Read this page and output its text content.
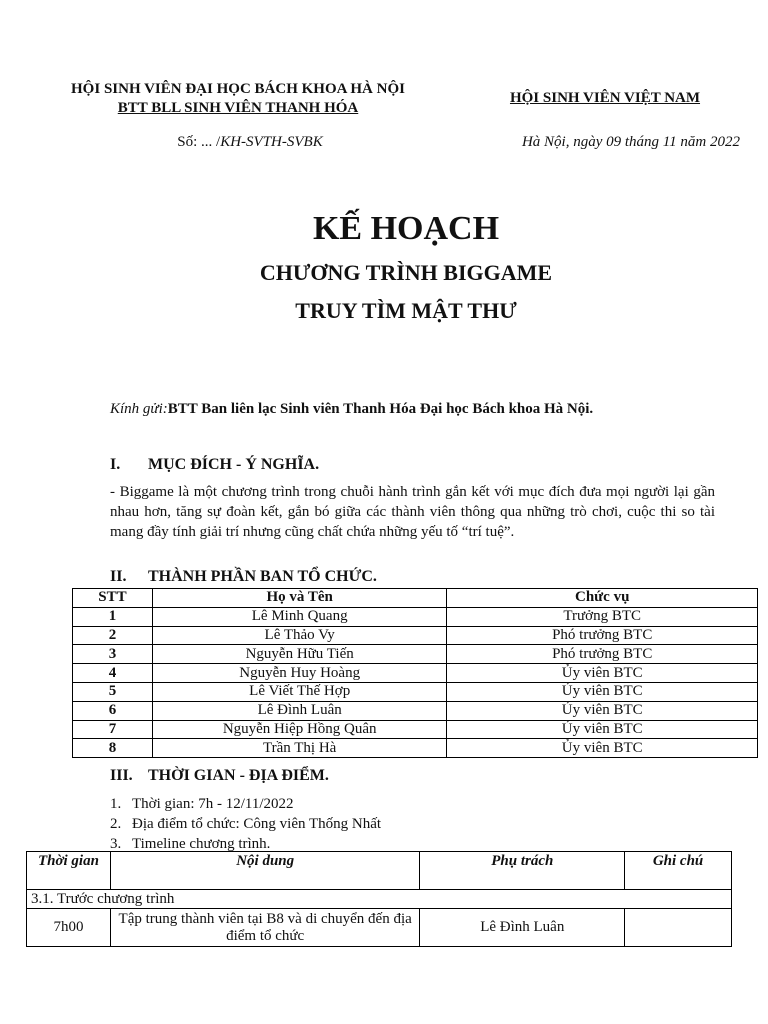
HỘI SINH VIÊN ĐẠI HỌC BÁCH KHOA HÀ NỘI
BTT BLL SINH VIÊN THANH HÓA
HỘI SINH VIÊN VIỆT NAM
Số: ... /KH-SVTH-SVBK	Hà Nội, ngày 09 tháng 11 năm 2022
KẾ HOẠCH
CHƯƠNG TRÌNH BIGGAME
TRUY TÌM MẬT THƯ
Kính gửi:BTT Ban liên lạc Sinh viên Thanh Hóa Đại học Bách khoa Hà Nội.
I. MỤC ĐÍCH - Ý NGHĨA.
- Biggame là một chương trình trong chuỗi hành trình gắn kết với mục đích đưa mọi người lại gần nhau hơn, tăng sự đoàn kết, gắn bó giữa các thành viên thông qua những trò chơi, cuộc thi so tài mang đầy tính giải trí nhưng cũng chất chứa những yếu tố “trí tuệ”.
II. THÀNH PHẦN BAN TỔ CHỨC.
STT	Họ và Tên	Chức vụ
1	Lê Minh Quang	Trưởng BTC
2	Lê Thảo Vy	Phó trưởng BTC
3	Nguyễn Hữu Tiến	Phó trưởng BTC
4	Nguyễn Huy Hoàng	Ủy viên BTC
5	Lê Viết Thế Hợp	Ủy viên BTC
6	Lê Đình Luân	Ủy viên BTC
7	Nguyễn Hiệp Hồng Quân	Ủy viên BTC
8	Trần Thị Hà	Ủy viên BTC
III. THỜI GIAN - ĐỊA ĐIỂM.
1. Thời gian: 7h - 12/11/2022
2. Địa điểm tổ chức: Công viên Thống Nhất
3. Timeline chương trình.
Thời gian	Nội dung	Phụ trách	Ghi chú
3.1. Trước chương trình			
7h00	Tập trung thành viên tại B8 và di chuyển đến địa điểm tổ chức	Lê Đình Luân	
